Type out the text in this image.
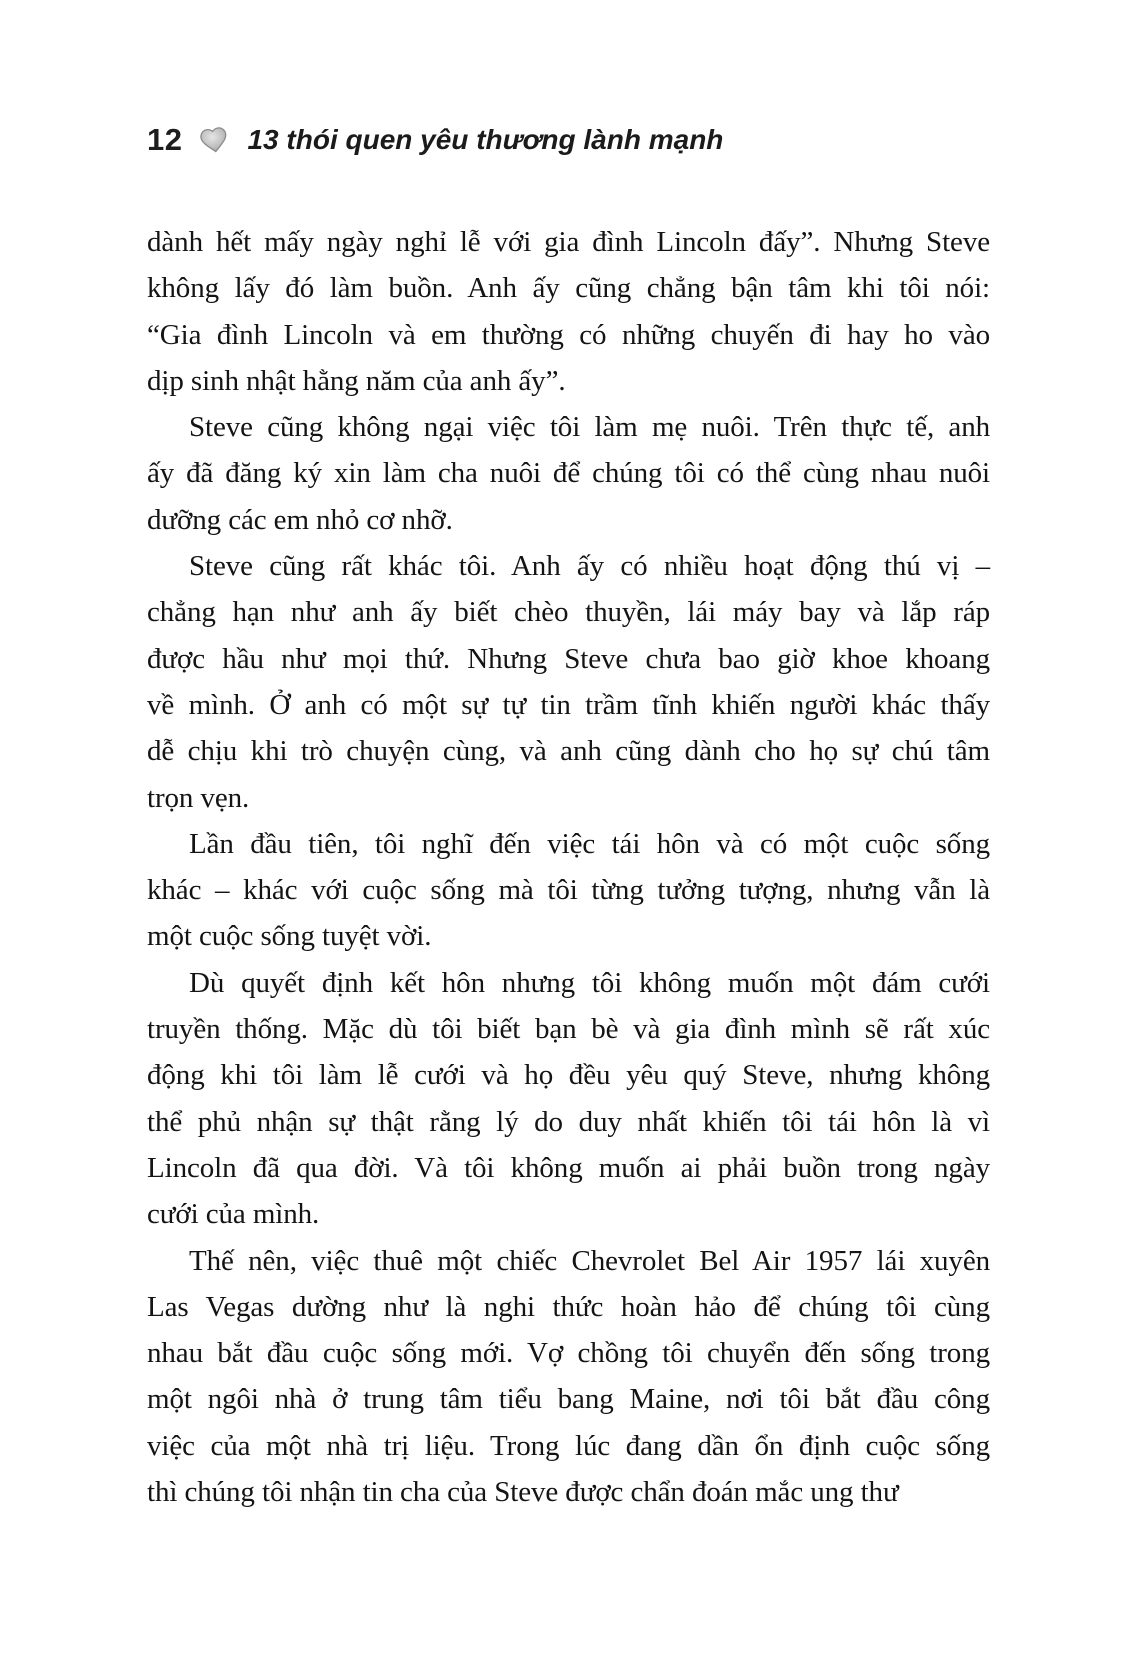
12 13 thói quen yêu thương lành mạnh
dành hết mấy ngày nghỉ lễ với gia đình Lincoln đấy”. Nhưng Steve
không lấy đó làm buồn. Anh ấy cũng chẳng bận tâm khi tôi nói:
“Gia đình Lincoln và em thường có những chuyến đi hay ho vào
dịp sinh nhật hằng năm của anh ấy”.
Steve cũng không ngại việc tôi làm mẹ nuôi. Trên thực tế, anh
ấy đã đăng ký xin làm cha nuôi để chúng tôi có thể cùng nhau nuôi
dưỡng các em nhỏ cơ nhỡ.
Steve cũng rất khác tôi. Anh ấy có nhiều hoạt động thú vị –
chẳng hạn như anh ấy biết chèo thuyền, lái máy bay và lắp ráp
được hầu như mọi thứ. Nhưng Steve chưa bao giờ khoe khoang
về mình. Ở anh có một sự tự tin trầm tĩnh khiến người khác thấy
dễ chịu khi trò chuyện cùng, và anh cũng dành cho họ sự chú tâm
trọn vẹn.
Lần đầu tiên, tôi nghĩ đến việc tái hôn và có một cuộc sống
khác – khác với cuộc sống mà tôi từng tưởng tượng, nhưng vẫn là
một cuộc sống tuyệt vời.
Dù quyết định kết hôn nhưng tôi không muốn một đám cưới
truyền thống. Mặc dù tôi biết bạn bè và gia đình mình sẽ rất xúc
động khi tôi làm lễ cưới và họ đều yêu quý Steve, nhưng không
thể phủ nhận sự thật rằng lý do duy nhất khiến tôi tái hôn là vì
Lincoln đã qua đời. Và tôi không muốn ai phải buồn trong ngày
cưới của mình.
Thế nên, việc thuê một chiếc Chevrolet Bel Air 1957 lái xuyên
Las Vegas dường như là nghi thức hoàn hảo để chúng tôi cùng
nhau bắt đầu cuộc sống mới. Vợ chồng tôi chuyển đến sống trong
một ngôi nhà ở trung tâm tiểu bang Maine, nơi tôi bắt đầu công
việc của một nhà trị liệu. Trong lúc đang dần ổn định cuộc sống
thì chúng tôi nhận tin cha của Steve được chẩn đoán mắc ung thư
